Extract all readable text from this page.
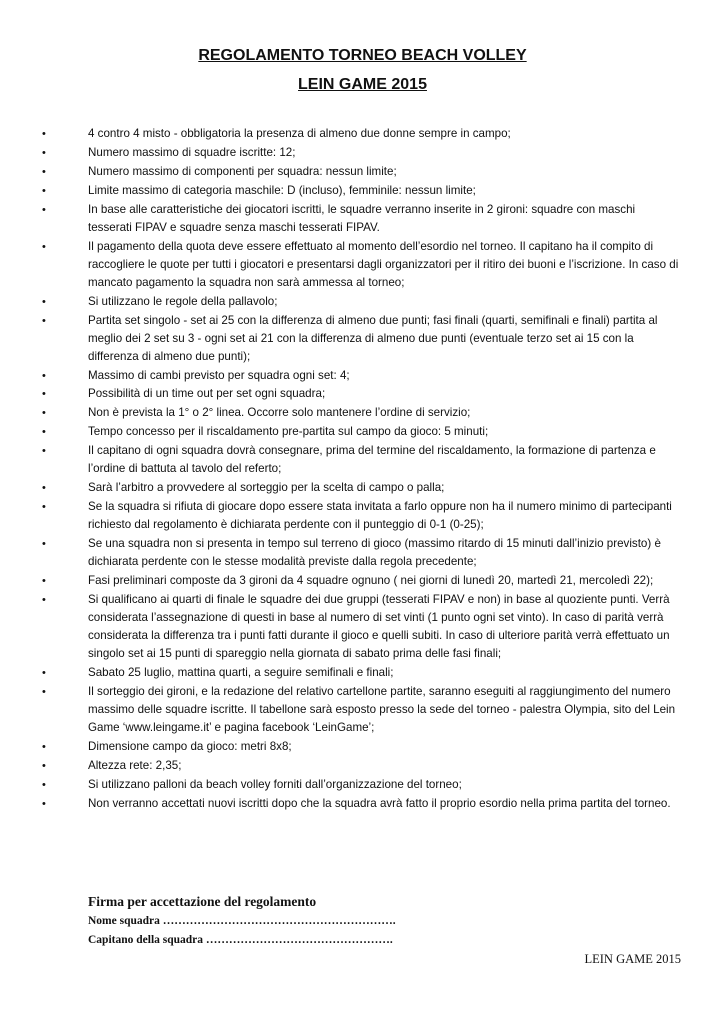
REGOLAMENTO TORNEO BEACH VOLLEY
LEIN GAME 2015
•	4 contro 4 misto - obbligatoria la presenza di almeno due donne sempre in campo;
•	Numero massimo di squadre iscritte: 12;
•	Numero massimo di componenti per squadra: nessun limite;
•	Limite massimo di categoria maschile: D (incluso), femminile: nessun limite;
•	In base alle caratteristiche dei giocatori iscritti, le squadre verranno inserite in 2 gironi: squadre con maschi tesserati FIPAV e squadre senza maschi tesserati FIPAV.
•	Il pagamento della quota deve essere effettuato al momento dell’esordio nel torneo. Il capitano ha il compito di raccogliere le quote per tutti i giocatori e presentarsi dagli organizzatori per il ritiro dei buoni e l’iscrizione. In caso di mancato pagamento la squadra non sarà ammessa al torneo;
•	Si utilizzano le regole della pallavolo;
•	Partita set singolo - set ai 25 con la differenza di almeno due punti; fasi finali (quarti, semifinali e finali) partita al meglio dei 2 set su 3 - ogni set ai 21 con la differenza di almeno due punti (eventuale terzo set ai 15 con la differenza di almeno due punti);
•	Massimo di cambi previsto per squadra ogni set: 4;
•	Possibilità di un time out per set ogni squadra;
•	Non è prevista la 1° o 2° linea. Occorre solo mantenere l’ordine di servizio;
•	Tempo concesso per il riscaldamento pre-partita sul campo da gioco: 5 minuti;
•	Il capitano di ogni squadra dovrà consegnare, prima del termine del riscaldamento, la formazione di partenza e l’ordine di battuta al tavolo del referto;
•	Sarà l’arbitro a provvedere al sorteggio per la scelta di campo o palla;
•	Se la squadra si rifiuta di giocare dopo essere stata invitata a farlo oppure non ha il numero minimo di partecipanti richiesto dal regolamento è dichiarata perdente con il punteggio di 0-1 (0-25);
•	Se una squadra non si presenta in tempo sul terreno di gioco (massimo ritardo di 15 minuti dall’inizio previsto) è dichiarata perdente con le stesse modalità previste dalla regola precedente;
•	Fasi preliminari composte da 3 gironi da 4 squadre ognuno ( nei giorni di lunedì 20, martedì 21, mercoledì 22);
•	Si qualificano ai quarti di finale le squadre dei due gruppi (tesserati FIPAV e non) in base al quoziente punti. Verrà considerata l’assegnazione di questi in base al numero di set vinti (1 punto ogni set vinto). In caso di parità verrà considerata la differenza tra i punti fatti durante il gioco e quelli subiti. In caso di ulteriore parità verrà effettuato un singolo set ai 15 punti di spareggio nella giornata di sabato prima delle fasi finali;
•	Sabato 25 luglio, mattina quarti, a seguire semifinali e finali;
•	Il sorteggio dei gironi, e la redazione del relativo cartellone partite, saranno eseguiti al raggiungimento del numero massimo delle squadre iscritte. Il tabellone sarà esposto presso la sede del torneo - palestra Olympia, sito del Lein Game ‘www.leingame.it’ e pagina facebook ‘LeinGame’;
•	Dimensione campo da gioco: metri 8x8;
•	Altezza rete: 2,35;
•	Si utilizzano palloni da beach volley forniti dall’organizzazione del torneo;
•	Non verranno accettati nuovi iscritti dopo che la squadra avrà fatto il proprio esordio nella prima partita del torneo.
Firma per accettazione del regolamento
Nome squadra …………………………………………………….
Capitano della squadra ………………………………………….
LEIN GAME 2015
